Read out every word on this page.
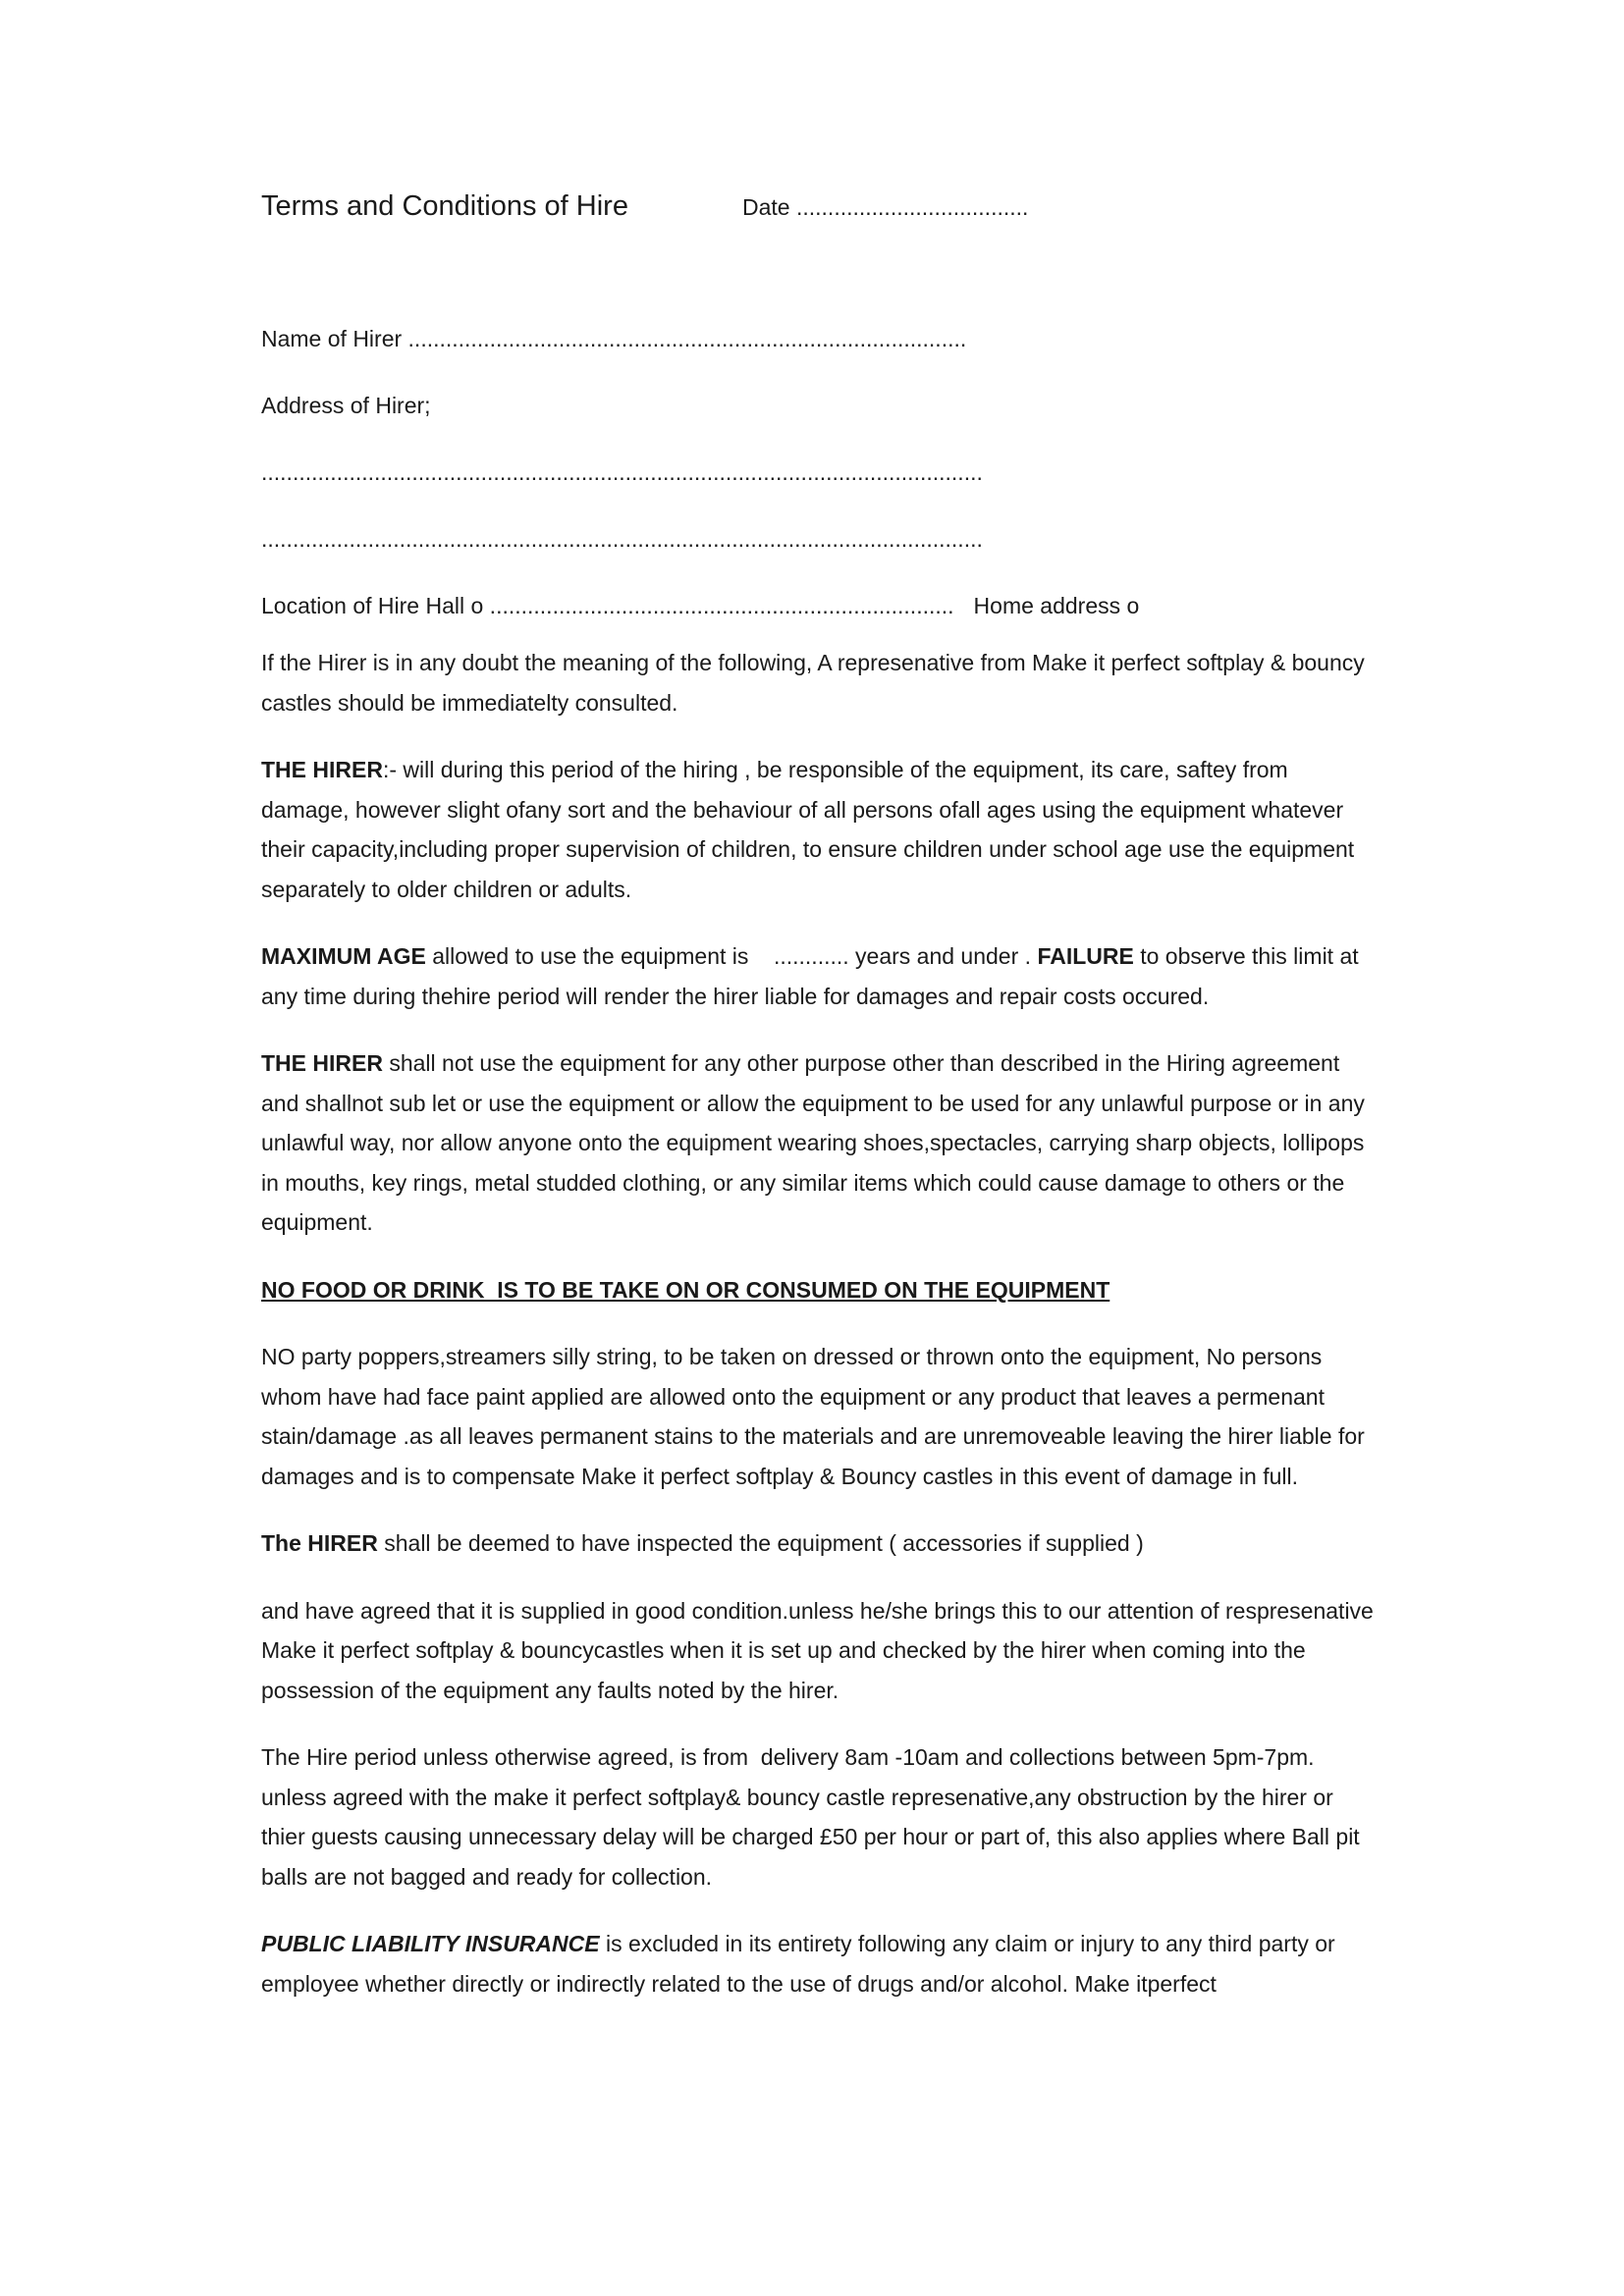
Terms and Conditions of Hire	Date .....................................
Name of Hirer .........................................................................................
Address of Hirer;
...................................................................................................................
...................................................................................................................
Location of Hire Hall o .......................................................................... Home address o

If the Hirer is in any doubt the meaning of the following, A represenative from Make it perfect softplay & bouncy castles should be immediatelty consulted.

THE HIRER:- will during this period of the hiring , be responsible of the equipment, its care, saftey from damage, however slight ofany sort and the behaviour of all persons ofall ages using the equipment whatever their capacity,including proper supervision of children, to ensure children under school age use the equipment separately to older children or adults.

MAXIMUM AGE allowed to use the equipment is    ............ years and under . FAILURE to observe this limit at any time during thehire period will render the hirer liable for damages and repair costs occured.

THE HIRER shall not use the equipment for any other purpose other than described in the Hiring agreement and shallnot sub let or use the equipment or allow the equipment to be used for any unlawful purpose or in any unlawful way, nor allow anyone onto the equipment wearing shoes,spectacles, carrying sharp objects, lollipops in mouths, key rings, metal studded clothing, or any similar items which could cause damage to others or the equipment.

NO FOOD OR DRINK  IS TO BE TAKE ON OR CONSUMED ON THE EQUIPMENT

NO party poppers,streamers silly string, to be taken on dressed or thrown onto the equipment, No persons whom have had face paint applied are allowed onto the equipment or any product that leaves a permenant stain/damage .as all leaves permanent stains to the materials and are unremoveable leaving the hirer liable for damages and is to compensate Make it perfect softplay & Bouncy castles in this event of damage in full.

The HIRER shall be deemed to have inspected the equipment ( accessories if supplied )

and have agreed that it is supplied in good condition.unless he/she brings this to our attention of respresenative Make it perfect softplay & bouncycastles when it is set up and checked by the hirer when coming into the possession of the equipment any faults noted by the hirer.

The Hire period unless otherwise agreed, is from  delivery 8am -10am and collections between 5pm-7pm. unless agreed with the make it perfect softplay& bouncy castle represenative,any obstruction by the hirer or thier guests causing unnecessary delay will be charged £50 per hour or part of, this also applies where Ball pit balls are not bagged and ready for collection.

PUBLIC LIABILITY INSURANCE is excluded in its entirety following any claim or injury to any third party or employee whether directly or indirectly related to the use of drugs and/or alcohol. Make itperfect
